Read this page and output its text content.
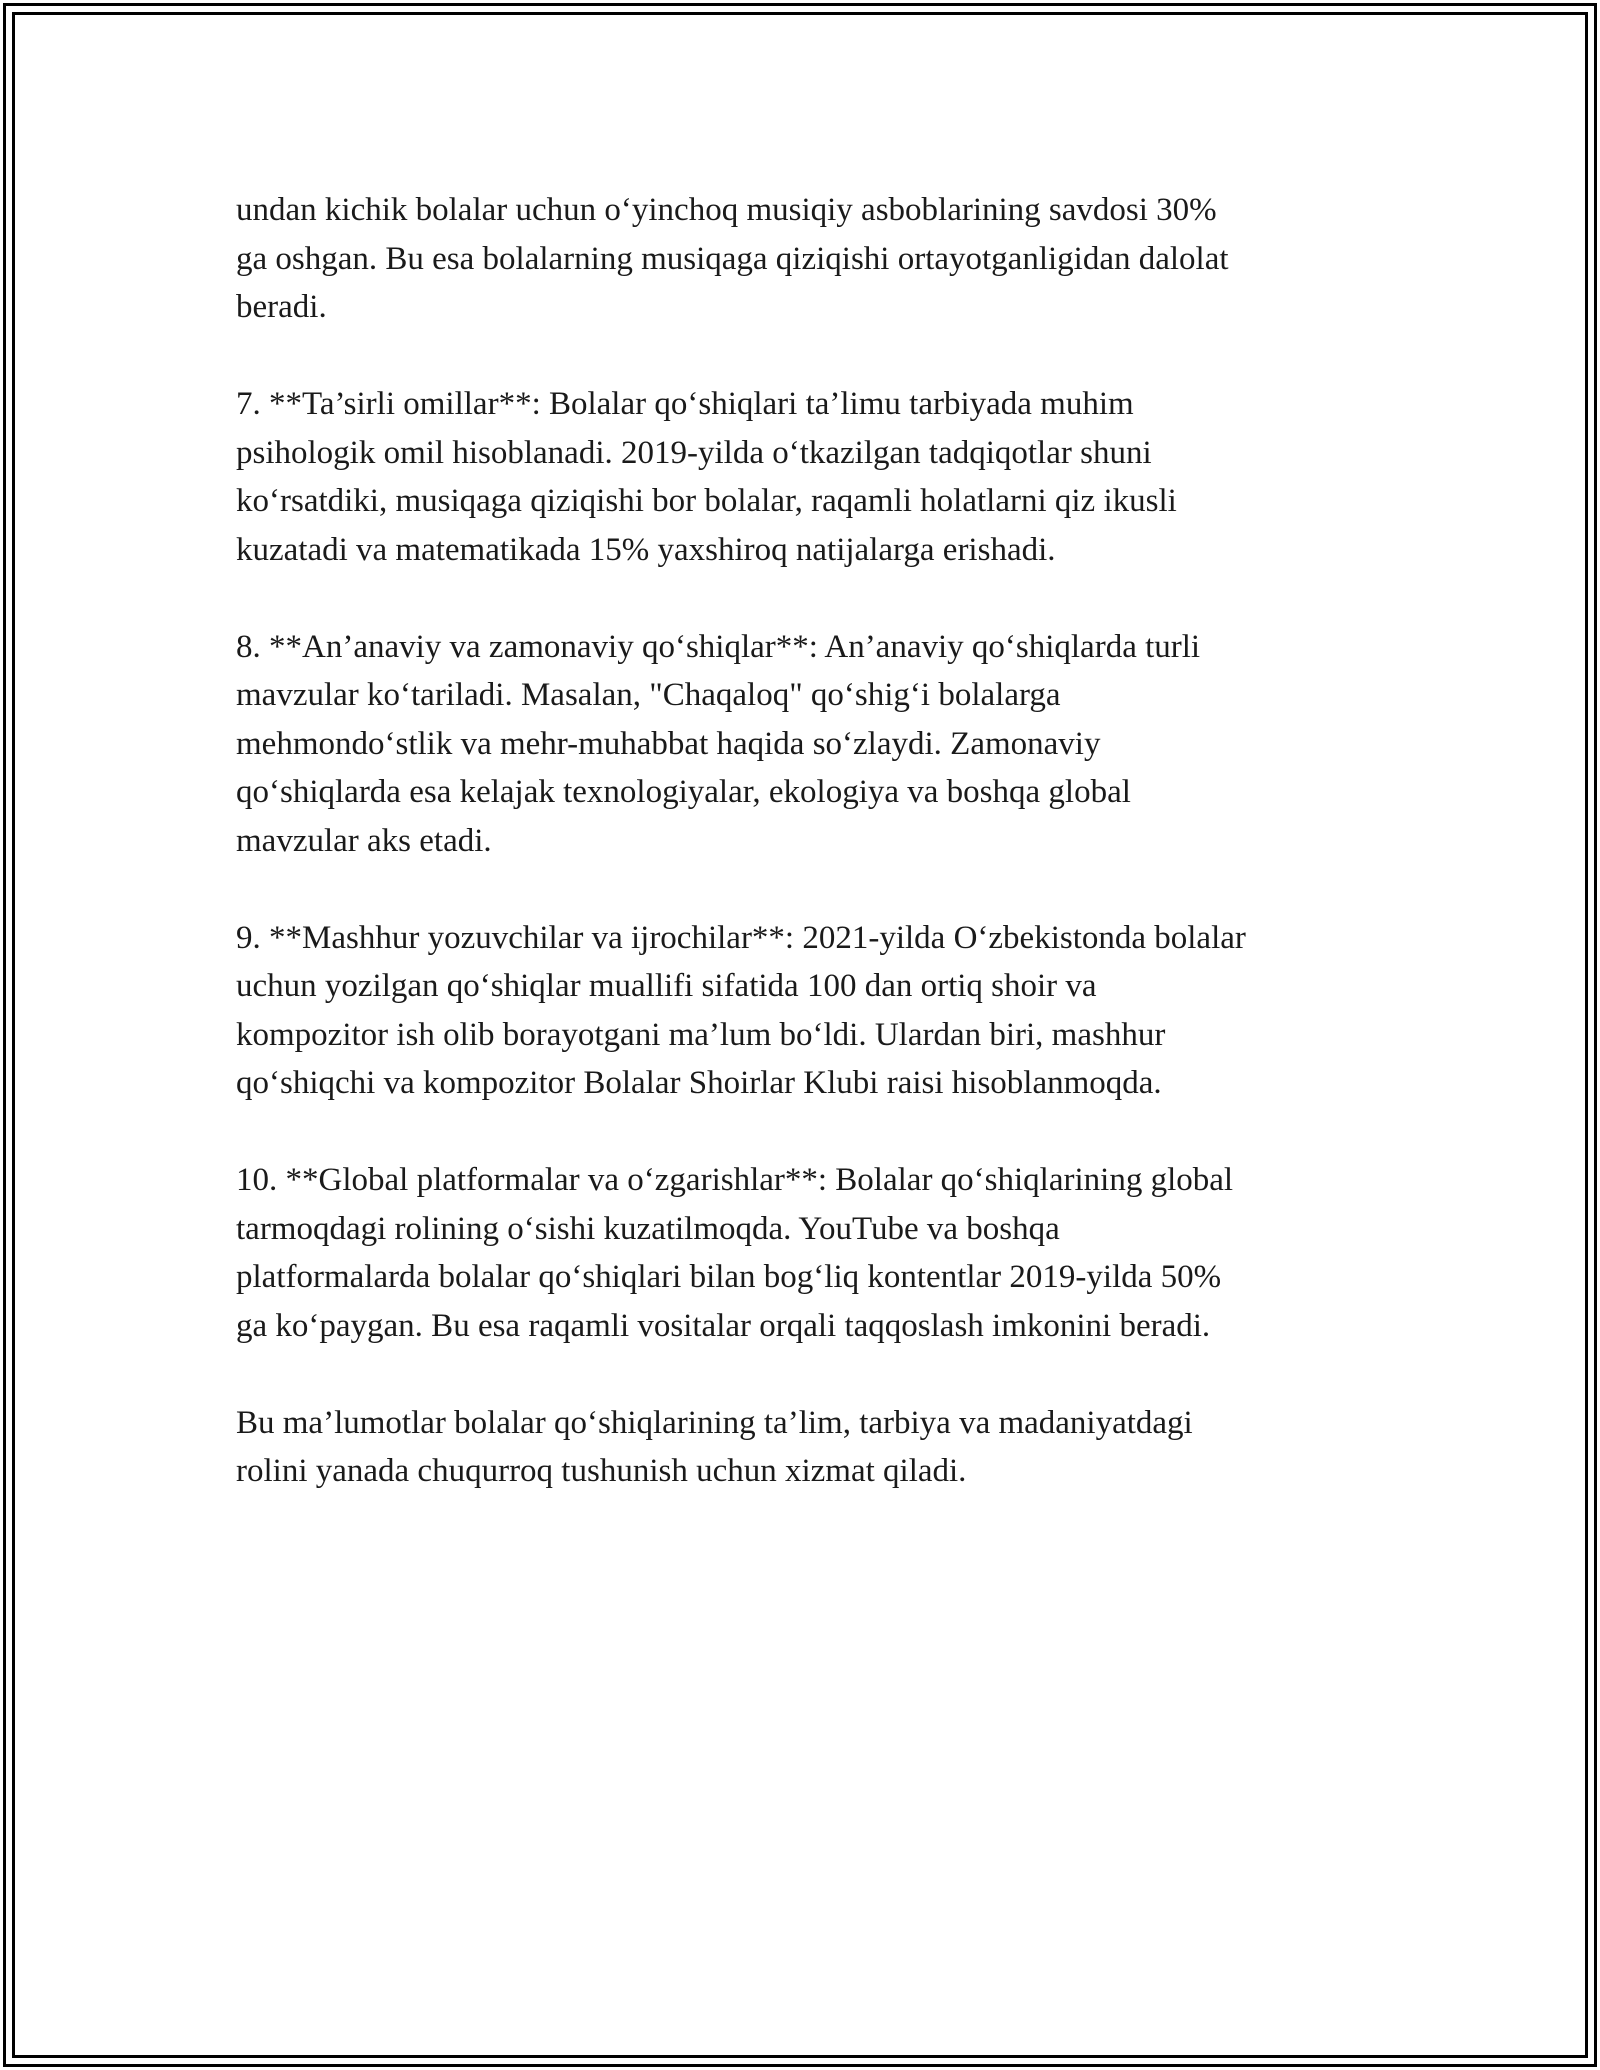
undan kichik bolalar uchun o‘yinchoq musiqiy asboblarining savdosi 30%
ga oshgan. Bu esa bolalarning musiqaga qiziqishi ortayotganligidan dalolat
beradi.

7. **Ta’sirli omillar**: Bolalar qo‘shiqlari ta’limu tarbiyada muhim
psihologik omil hisoblanadi. 2019-yilda o‘tkazilgan tadqiqotlar shuni
ko‘rsatdiki, musiqaga qiziqishi bor bolalar, raqamli holatlarni qiz ikusli
kuzatadi va matematikada 15% yaxshiroq natijalarga erishadi.

8. **An’anaviy va zamonaviy qo‘shiqlar**: An’anaviy qo‘shiqlarda turli
mavzular ko‘tariladi. Masalan, "Chaqaloq" qo‘shig‘i bolalarga
mehmondo‘stlik va mehr-muhabbat haqida so‘zlaydi. Zamonaviy
qo‘shiqlarda esa kelajak texnologiyalar, ekologiya va boshqa global
mavzular aks etadi.

9. **Mashhur yozuvchilar va ijrochilar**: 2021-yilda O‘zbekistonda bolalar
uchun yozilgan qo‘shiqlar muallifi sifatida 100 dan ortiq shoir va
kompozitor ish olib borayotgani ma’lum bo‘ldi. Ulardan biri, mashhur
qo‘shiqchi va kompozitor Bolalar Shoirlar Klubi raisi hisoblanmoqda.

10. **Global platformalar va o‘zgarishlar**: Bolalar qo‘shiqlarining global
tarmoqdagi rolining o‘sishi kuzatilmoqda. YouTube va boshqa
platformalarda bolalar qo‘shiqlari bilan bog‘liq kontentlar 2019-yilda 50%
ga ko‘paygan. Bu esa raqamli vositalar orqali taqqoslash imkonini beradi.

Bu ma’lumotlar bolalar qo‘shiqlarining ta’lim, tarbiya va madaniyatdagi
rolini yanada chuqurroq tushunish uchun xizmat qiladi.
